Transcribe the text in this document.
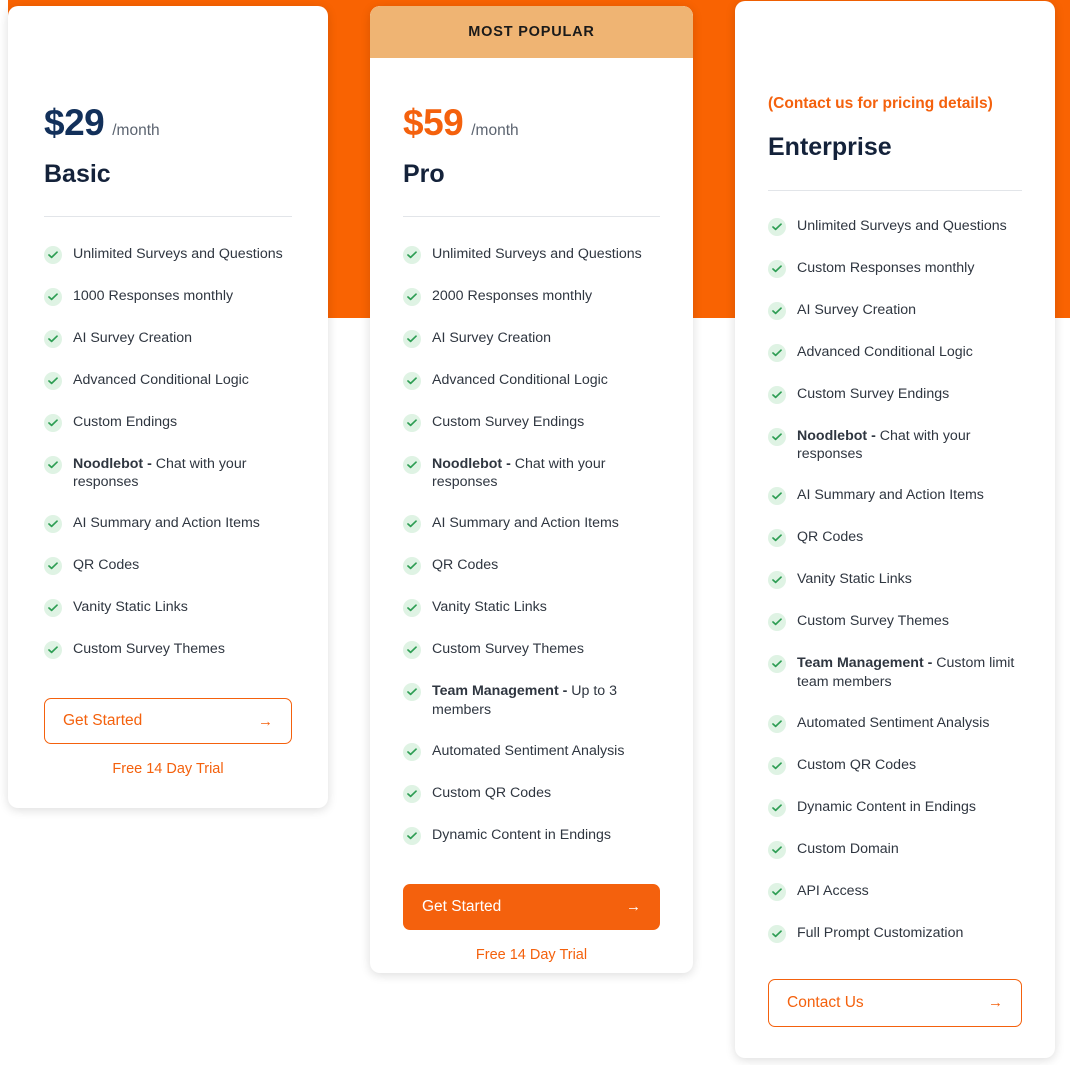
$29 /month
Basic
Unlimited Surveys and Questions
1000 Responses monthly
AI Survey Creation
Advanced Conditional Logic
Custom Endings
Noodlebot - Chat with your responses
AI Summary and Action Items
QR Codes
Vanity Static Links
Custom Survey Themes
Get Started	→
Free 14 Day Trial
MOST POPULAR
$59 /month
Pro
Unlimited Surveys and Questions
2000 Responses monthly
AI Survey Creation
Advanced Conditional Logic
Custom Survey Endings
Noodlebot - Chat with your responses
AI Summary and Action Items
QR Codes
Vanity Static Links
Custom Survey Themes
Team Management - Up to 3 members
Automated Sentiment Analysis
Custom QR Codes
Dynamic Content in Endings
Get Started	→
Free 14 Day Trial
(Contact us for pricing details)
Enterprise
Unlimited Surveys and Questions
Custom Responses monthly
AI Survey Creation
Advanced Conditional Logic
Custom Survey Endings
Noodlebot - Chat with your responses
AI Summary and Action Items
QR Codes
Vanity Static Links
Custom Survey Themes
Team Management - Custom limit team members
Automated Sentiment Analysis
Custom QR Codes
Dynamic Content in Endings
Custom Domain
API Access
Full Prompt Customization
Contact Us	→
